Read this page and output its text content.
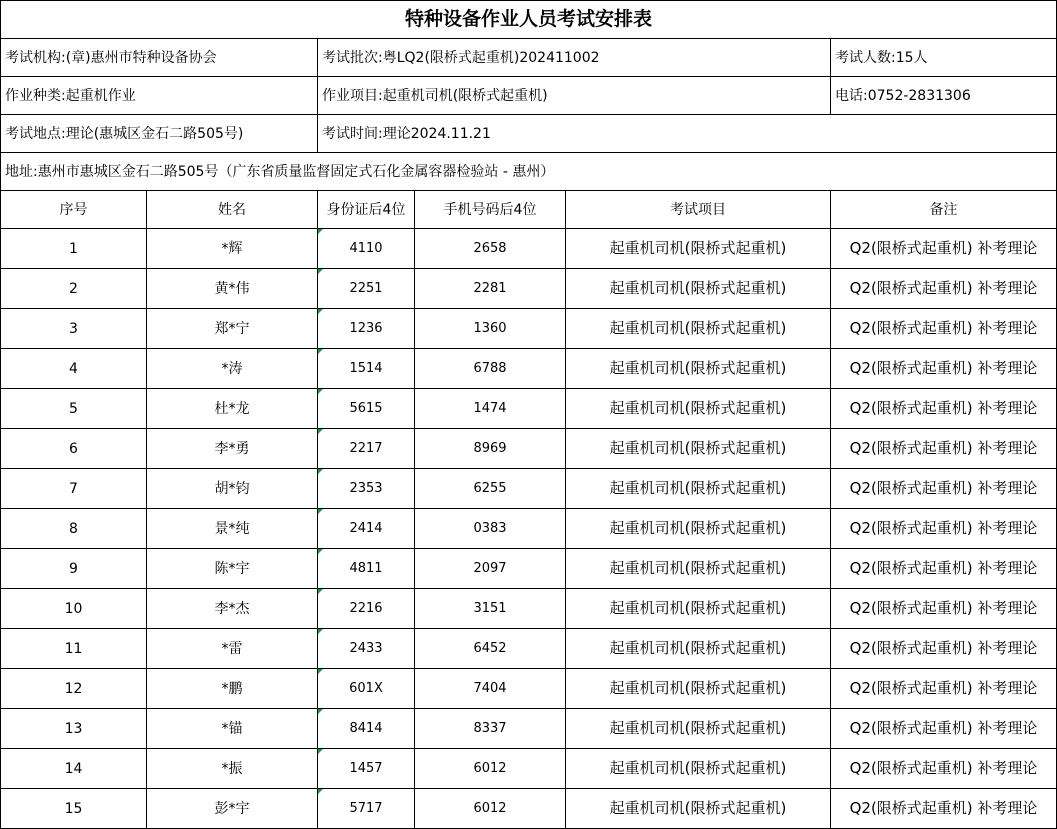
特种设备作业人员考试安排表					
考试机构:(章)惠州市特种设备协会		考试批次:粤LQ2(限桥式起重机)202411002			考试人数:15人
作业种类:起重机作业		作业项目:起重机司机(限桥式起重机)			电话:0752-2831306
考试地点:理论(惠城区金石二路505号)		考试时间:理论2024.11.21			
地址:惠州市惠城区金石二路505号（广东省质量监督固定式石化金属容器检验站 - 惠州）					
序号	姓名	身份证后4位	手机号码后4位	考试项目	备注
1	*辉	4110	2658	起重机司机(限桥式起重机)	Q2(限桥式起重机) 补考理论
2	黄*伟	2251	2281	起重机司机(限桥式起重机)	Q2(限桥式起重机) 补考理论
3	郑*宁	1236	1360	起重机司机(限桥式起重机)	Q2(限桥式起重机) 补考理论
4	*涛	1514	6788	起重机司机(限桥式起重机)	Q2(限桥式起重机) 补考理论
5	杜*龙	5615	1474	起重机司机(限桥式起重机)	Q2(限桥式起重机) 补考理论
6	李*勇	2217	8969	起重机司机(限桥式起重机)	Q2(限桥式起重机) 补考理论
7	胡*钧	2353	6255	起重机司机(限桥式起重机)	Q2(限桥式起重机) 补考理论
8	景*纯	2414	0383	起重机司机(限桥式起重机)	Q2(限桥式起重机) 补考理论
9	陈*宇	4811	2097	起重机司机(限桥式起重机)	Q2(限桥式起重机) 补考理论
10	李*杰	2216	3151	起重机司机(限桥式起重机)	Q2(限桥式起重机) 补考理论
11	*雷	2433	6452	起重机司机(限桥式起重机)	Q2(限桥式起重机) 补考理论
12	*鹏	601X	7404	起重机司机(限桥式起重机)	Q2(限桥式起重机) 补考理论
13	*锚	8414	8337	起重机司机(限桥式起重机)	Q2(限桥式起重机) 补考理论
14	*振	1457	6012	起重机司机(限桥式起重机)	Q2(限桥式起重机) 补考理论
15	彭*宇	5717	6012	起重机司机(限桥式起重机)	Q2(限桥式起重机) 补考理论
